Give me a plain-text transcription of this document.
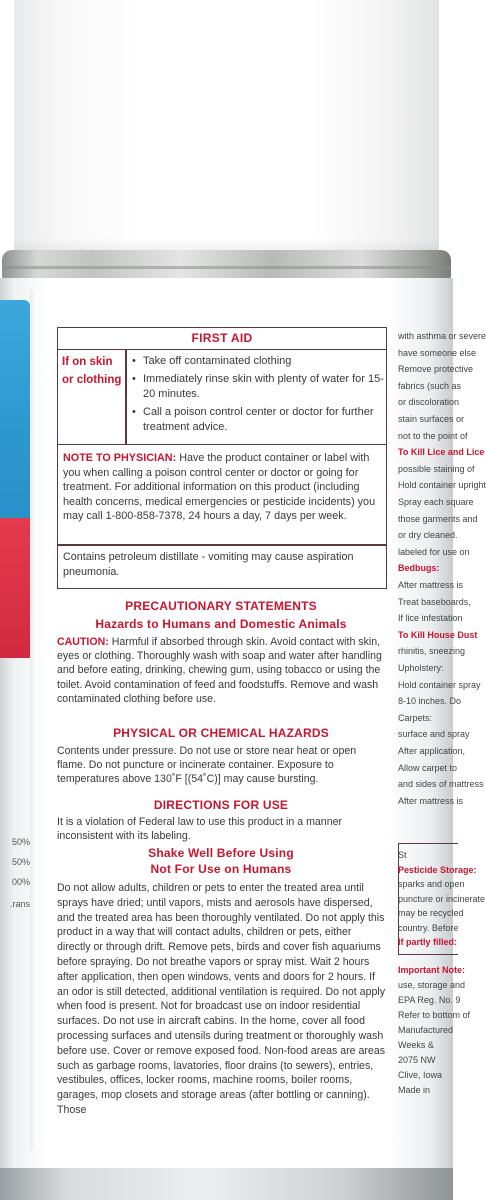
50%
50%
00%
rans.
FIRST AID
If on skin or clothing
• Take off contaminated clothing
• Immediately rinse skin with plenty of water for 15-20 minutes.
• Call a poison control center or doctor for further treatment advice.
NOTE TO PHYSICIAN: Have the product container or label with you when calling a poison control center or doctor or going for treatment. For additional information on this product (including health concerns, medical emergencies or pesticide incidents) you may call 1-800-858-7378, 24 hours a day, 7 days per week.
Contains petroleum distillate - vomiting may cause aspiration pneumonia.
PRECAUTIONARY STATEMENTS
Hazards to Humans and Domestic Animals
CAUTION: Harmful if absorbed through skin. Avoid contact with skin, eyes or clothing. Thoroughly wash with soap and water after handling and before eating, drinking, chewing gum, using tobacco or using the toilet. Avoid contamination of feed and foodstuffs. Remove and wash contaminated clothing before use.
PHYSICAL OR CHEMICAL HAZARDS
Contents under pressure. Do not use or store near heat or open flame. Do not puncture or incinerate container. Exposure to temperatures above 130˚F [(54˚C)] may cause bursting.
DIRECTIONS FOR USE
It is a violation of Federal law to use this product in a manner inconsistent with its labeling.
Shake Well Before Using
Not For Use on Humans
Do not allow adults, children or pets to enter the treated area until sprays have dried; until vapors, mists and aerosols have dispersed, and the treated area has been thoroughly ventilated. Do not apply this product in a way that will contact adults, children or pets, either directly or through drift. Remove pets, birds and cover fish aquariums before spraying. Do not breathe vapors or spray mist. Wait 2 hours after application, then open windows, vents and doors for 2 hours. If an odor is still detected, additional ventilation is required. Do not apply when food is present. Not for broadcast use on indoor residential surfaces. Do not use in aircraft cabins. In the home, cover all food processing surfaces and utensils during treatment or thoroughly wash before use. Cover or remove exposed food. Non-food areas are areas such as garbage rooms, lavatories, floor drains (to sewers), entries, vestibules, offices, locker rooms, machine rooms, boiler rooms, garages, mop closets and storage areas (after bottling or canning). Those
with asthma or severe
have someone else
Remove protective
fabrics (such as
or discoloration
stain surfaces or
not to the point of
To Kill Lice and Lice
possible staining of
Hold container upright
Spray each square
those garments and
or dry cleaned.
labeled for use on
Bedbugs:
After mattress is
Treat baseboards,
If lice infestation
To Kill House Dust
rhinitis, sneezing
Upholstery:
Hold container spray
8-10 inches. Do
Carpets:
surface and spray
After application,
Allow carpet to
and sides of mattress
After mattress is
St
Pesticide Storage:
sparks and open
puncture or incinerate
may be recycled
country. Before
If partly filled:
Important Note:
use, storage and
EPA Reg. No. 9
Refer to bottom of
Manufactured
Weeks &
2075 NW
Clive, Iowa
Made in
